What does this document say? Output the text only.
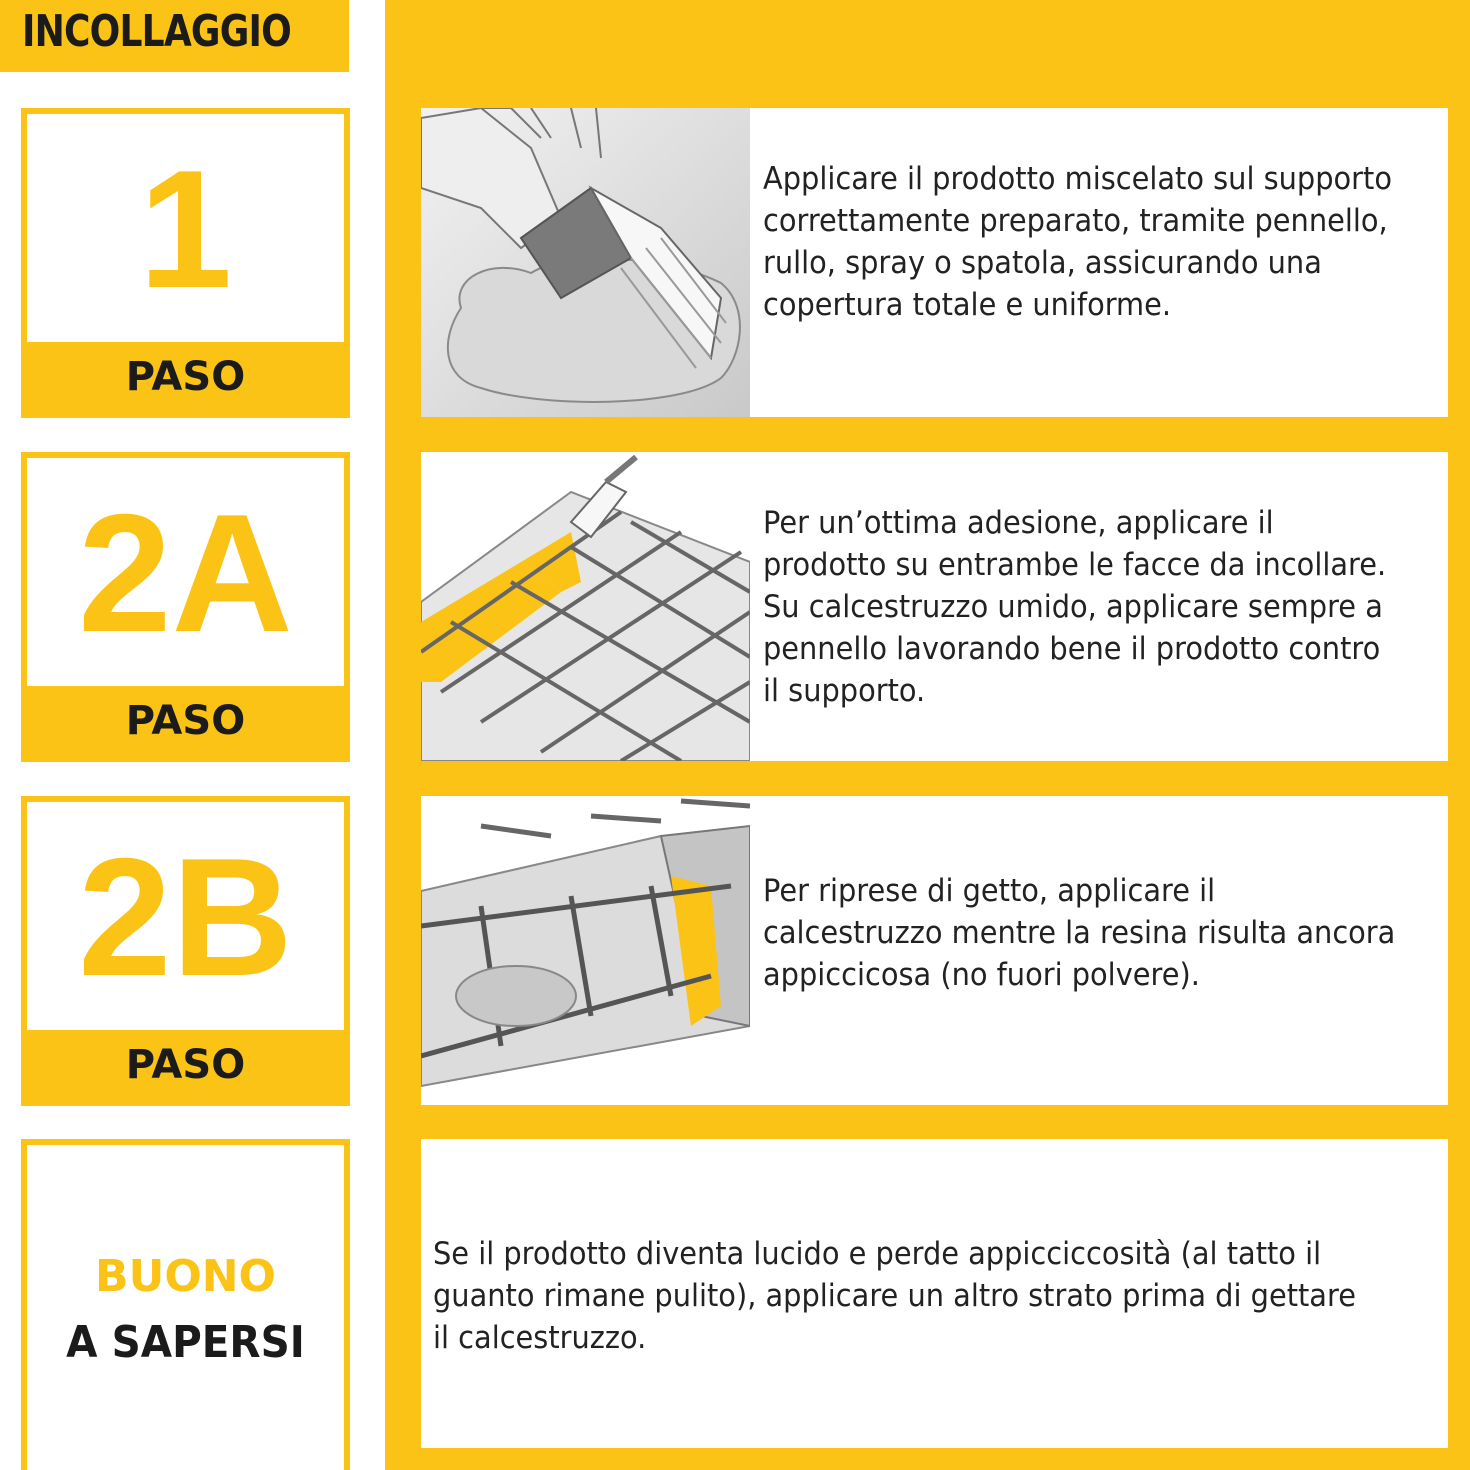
INCOLLAGGIO
1
PASO
Applicare il prodotto miscelato sul supporto correttamente preparato, tramite pennello, rullo, spray o spatola, assicurando una copertura totale e uniforme.
2A
PASO
Per un’ottima adesione, applicare il prodotto su entrambe le facce da incollare. Su calcestruzzo umido, applicare sempre a pennello lavorando bene il prodotto contro il supporto.
2B
PASO
Per riprese di getto, applicare il calcestruzzo mentre la resina risulta ancora appiccicosa (no fuori polvere).
BUONO
A SAPERSI
Se il prodotto diventa lucido e perde appicciccosità (al tatto il guanto rimane pulito), applicare un altro strato prima di gettare il calcestruzzo.
